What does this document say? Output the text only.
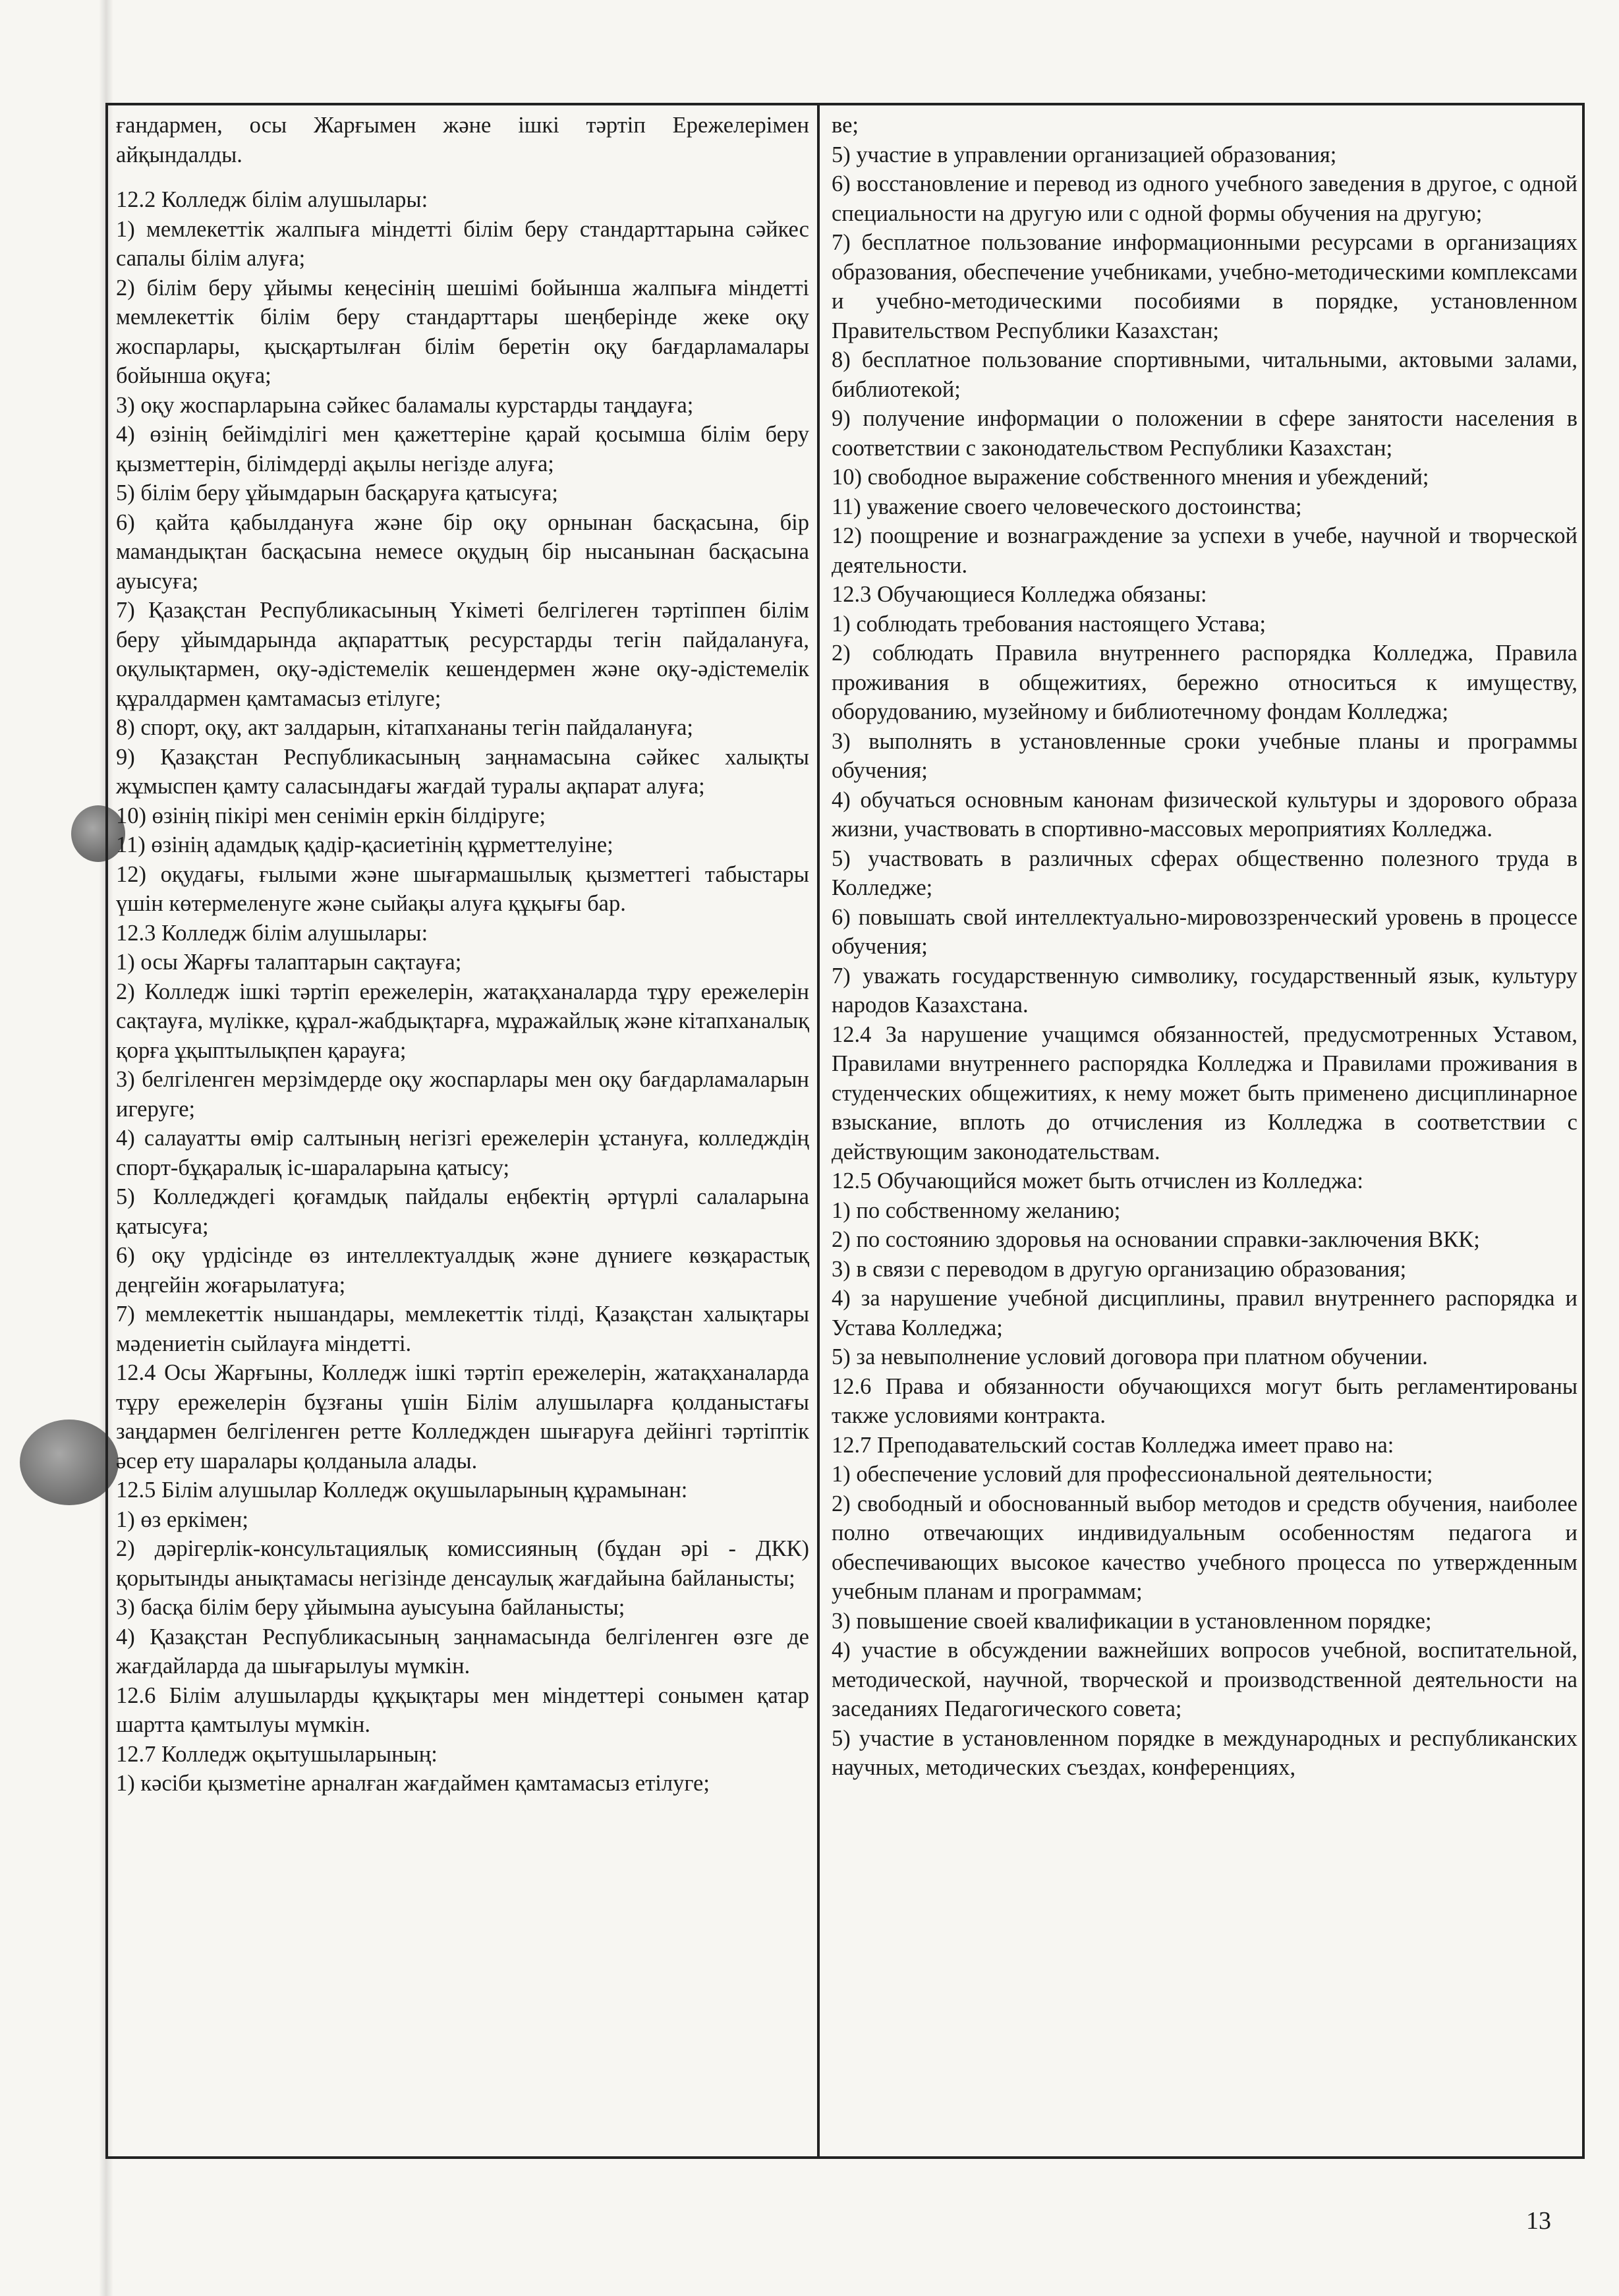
ғандармен, осы Жарғымен және ішкі тәртіп Ережелерімен айқындалды.

12.2 Колледж білім алушылары:

1) мемлекеттік жалпыға міндетті білім беру стандарттарына сәйкес сапалы білім алуға;

2) білім беру ұйымы кеңесінің шешімі бойынша жалпыға міндетті мемлекеттік білім беру стандарттары шеңберінде жеке оқу жоспарлары, қысқартылған білім беретін оқу бағдарламалары бойынша оқуға;

3) оқу жоспарларына сәйкес баламалы курстарды таңдауға;

4) өзінің бейімділігі мен қажеттеріне қарай қосымша білім беру қызметтерін, білімдерді ақылы негізде алуға;

5) білім беру ұйымдарын басқаруға қатысуға;

6) қайта қабылдануға және бір оқу орнынан басқасына, бір мамандықтан басқасына немесе оқудың бір нысанынан басқасына ауысуға;

7) Қазақстан Республикасының Үкіметі белгілеген тәртіппен білім беру ұйымдарында ақпараттық ресурстарды тегін пайдалануға, оқулықтармен, оқу-әдістемелік кешендермен және оқу-әдістемелік құралдармен қамтамасыз етілуге;

8) спорт, оқу, акт залдарын, кітапхананы тегін пайдалануға;

9) Қазақстан Республикасының заңнамасына сәйкес халықты жұмыспен қамту саласындағы жағдай туралы ақпарат алуға;

10) өзінің пікірі мен сенімін еркін білдіруге;

11) өзінің адамдық қадір-қасиетінің құрметтелуіне;

12) оқудағы, ғылыми және шығармашылық қызметтегі табыстары үшін көтермеленуге және сыйақы алуға құқығы бар.

12.3 Колледж білім алушылары:

1) осы Жарғы талаптарын сақтауға;

2) Колледж ішкі тәртіп ережелерін, жатақханаларда тұру ережелерін сақтауға, мүлікке, құрал-жабдықтарға, мұражайлық және кітапханалық қорға ұқыптылықпен қарауға;

3) белгіленген мерзімдерде оқу жоспарлары мен оқу бағдарламаларын игеруге;

4) салауатты өмір салтының негізгі ережелерін ұстануға, колледждің спорт-бұқаралық іс-шараларына қатысу;

5) Колледждегі қоғамдық пайдалы еңбектің әртүрлі салаларына қатысуға;

6) оқу үрдісінде өз интеллектуалдық және дүниеге көзқарастық деңгейін жоғарылатуға;

7) мемлекеттік нышандары, мемлекеттік тілді, Қазақстан халықтары мәдениетін сыйлауға міндетті.

12.4 Осы Жарғыны, Колледж ішкі тәртіп ережелерін, жатақханаларда тұру ережелерін бұзғаны үшін Білім алушыларға қолданыстағы заңдармен белгіленген ретте Колледжден шығаруға дейінгі тәртіптік әсер ету шаралары қолданыла алады.

12.5 Білім алушылар Колледж оқушыларының құрамынан:

1) өз еркімен;

2) дәрігерлік-консультациялық комиссияның (бұдан әрі - ДКК) қорытынды анықтамасы негізінде денсаулық жағдайына байланысты;

3) басқа білім беру ұйымына ауысуына байланысты;

4) Қазақстан Республикасының заңнамасында белгіленген өзге де жағдайларда да шығарылуы мүмкін.

12.6 Білім алушыларды құқықтары мен міндеттері сонымен қатар шартта қамтылуы мүмкін.

12.7 Колледж оқытушыларының:

1) кәсіби қызметіне арналған жағдаймен қамтамасыз етілуге;

ве;

5) участие в управлении организацией образования;

6) восстановление и перевод из одного учебного заведения в другое, с одной специальности на другую или с одной формы обучения на другую;

7) бесплатное пользование информационными ресурсами в организациях образования, обеспечение учебниками, учебно-методическими комплексами и учебно-методическими пособиями в порядке, установленном Правительством Республики Казахстан;

8) бесплатное пользование спортивными, читальными, актовыми залами, библиотекой;

9) получение информации о положении в сфере занятости населения в соответствии с законодательством Республики Казахстан;

10) свободное выражение собственного мнения и убеждений;

11) уважение своего человеческого достоинства;

12) поощрение и вознаграждение за успехи в учебе, научной и творческой деятельности.

12.3 Обучающиеся Колледжа обязаны:

1) соблюдать требования настоящего Устава;

2) соблюдать Правила внутреннего распорядка Колледжа, Правила проживания в общежитиях, бережно относиться к имуществу, оборудованию, музейному и библиотечному фондам Колледжа;

3) выполнять в установленные сроки учебные планы и программы обучения;

4) обучаться основным канонам физической культуры и здорового образа жизни, участвовать в спортивно-массовых мероприятиях Колледжа.

5) участвовать в различных сферах общественно полезного труда в Колледже;

6) повышать свой интеллектуально-мировоззренческий уровень в процессе обучения;

7) уважать государственную символику, государственный язык, культуру народов Казахстана.

12.4 За нарушение учащимся обязанностей, предусмотренных Уставом, Правилами внутреннего распорядка Колледжа и Правилами проживания в студенческих общежитиях, к нему может быть применено дисциплинарное взыскание, вплоть до отчисления из Колледжа в соответствии с действующим законодательствам.

12.5 Обучающийся может быть отчислен из Колледжа:

1) по собственному желанию;

2) по состоянию здоровья на основании справки-заключения ВКК;

3) в связи с переводом в другую организацию образования;

4) за нарушение учебной дисциплины, правил внутреннего распорядка и Устава Колледжа;

5) за невыполнение условий договора при платном обучении.

12.6 Права и обязанности обучающихся могут быть регламентированы также условиями контракта.

12.7 Преподавательский состав Колледжа имеет право на:

1) обеспечение условий для профессиональной деятельности;

2) свободный и обоснованный выбор методов и средств обучения, наиболее полно отвечающих индивидуальным особенностям педагога и обеспечивающих высокое качество учебного процесса по утвержденным учебным планам и программам;

3) повышение своей квалификации в установленном порядке;

4) участие в обсуждении важнейших вопросов учебной, воспитательной, методической, научной, творческой и производственной деятельности на заседаниях Педагогического совета;

5) участие в установленном порядке в международных и республиканских научных, методических съездах, конференциях,

13
